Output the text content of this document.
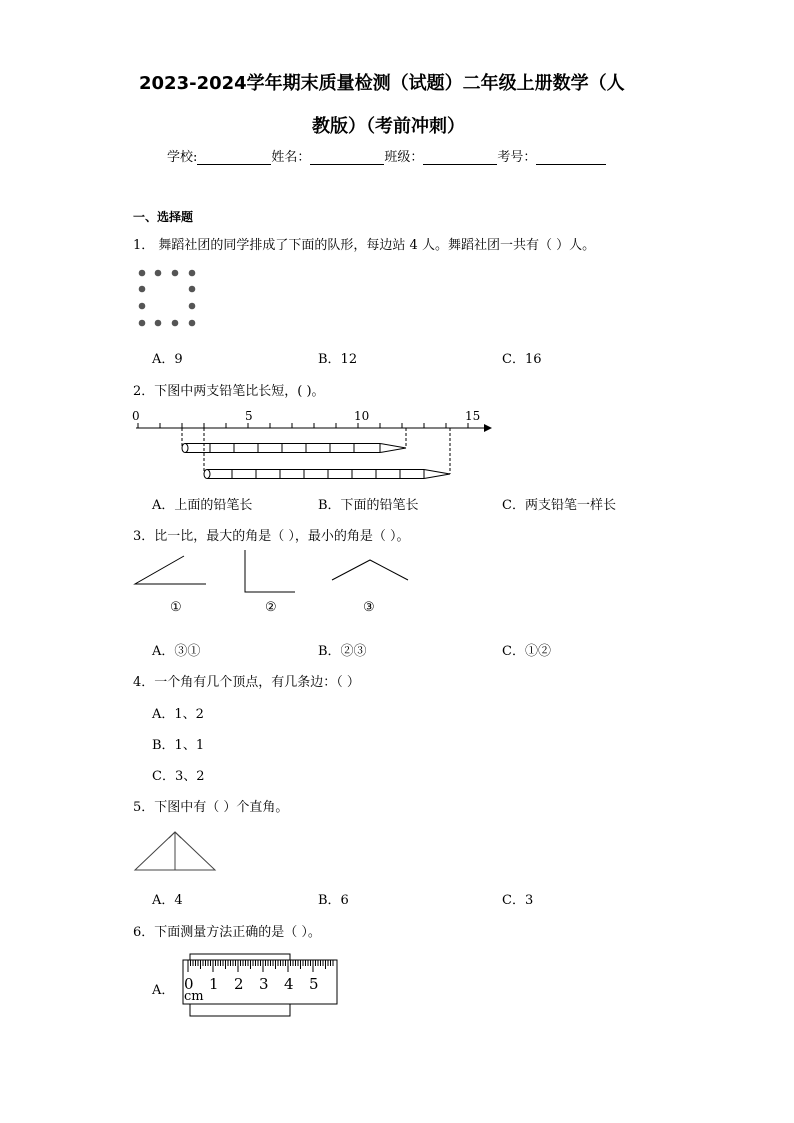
2023-2024学年期末质量检测（试题）二年级上册数学（人
教版）（考前冲刺）
学校:	姓名：	班级：	考号：
一、选择题
1． 舞蹈社团的同学排成了下面的队形，每边站 4 人。舞蹈社团一共有（ ）人。
A．9	B．12	C．16
2．下图中两支铅笔比长短，( )。
0	5	10	15
A．上面的铅笔长	B．下面的铅笔长	C．两支铅笔一样长
3．比一比，最大的角是（ ），最小的角是（ ）。
①	②	③
A．③①	B．②③	C．①②
4．一个角有几个顶点，有几条边：（ ）
A．1、2
B．1、1
C．3、2
5．下图中有（ ）个直角。
A．4	B．6	C．3
6．下面测量方法正确的是（ ）。
A． 0 1 2 3 4 5
cm
